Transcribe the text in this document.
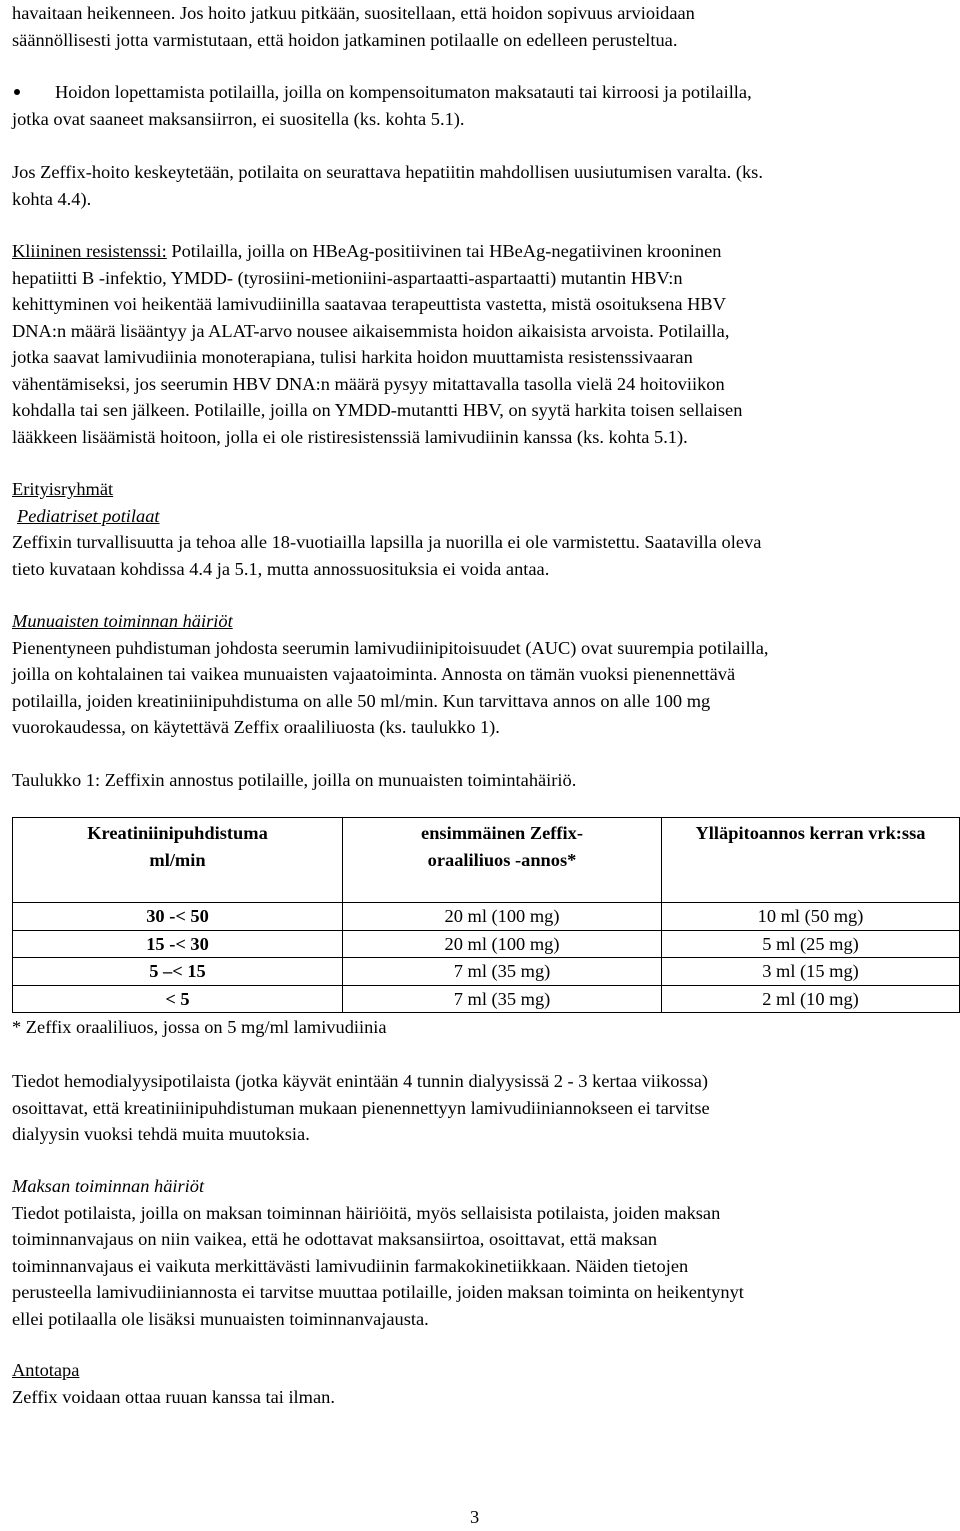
havaitaan heikenneen. Jos hoito jatkuu pitkään, suositellaan, että hoidon sopivuus arvioidaan

säännöllisesti jotta varmistutaan, että hoidon jatkaminen potilaalle on edelleen perusteltua.

Hoidon lopettamista potilailla, joilla on kompensoitumaton maksatauti tai kirroosi ja potilailla,

jotka ovat saaneet maksansiirron, ei suositella (ks. kohta 5.1).

Jos Zeffix-hoito keskeytetään, potilaita on seurattava hepatiitin mahdollisen uusiutumisen varalta. (ks.

kohta 4.4).

Kliininen resistenssi: Potilailla, joilla on HBeAg-positiivinen tai HBeAg-negatiivinen krooninen

hepatiitti B -infektio, YMDD- (tyrosiini-metioniini-aspartaatti-aspartaatti) mutantin HBV:n

kehittyminen voi heikentää lamivudiinilla saatavaa terapeuttista vastetta, mistä osoituksena HBV

DNA:n määrä lisääntyy ja ALAT-arvo nousee aikaisemmista hoidon aikaisista arvoista. Potilailla,

jotka saavat lamivudiinia monoterapiana, tulisi harkita hoidon muuttamista resistenssivaaran

vähentämiseksi, jos seerumin HBV DNA:n määrä pysyy mitattavalla tasolla vielä 24 hoitoviikon

kohdalla tai sen jälkeen. Potilaille, joilla on YMDD-mutantti HBV, on syytä harkita toisen sellaisen

lääkkeen lisäämistä hoitoon, jolla ei ole ristiresistenssiä lamivudiinin kanssa (ks. kohta 5.1).

Erityisryhmät

Pediatriset potilaat

Zeffixin turvallisuutta ja tehoa alle 18-vuotiailla lapsilla ja nuorilla ei ole varmistettu. Saatavilla oleva

tieto kuvataan kohdissa 4.4 ja 5.1, mutta annossuosituksia ei voida antaa.

Munuaisten toiminnan häiriöt

Pienentyneen puhdistuman johdosta seerumin lamivudiinipitoisuudet (AUC) ovat suurempia potilailla,

joilla on kohtalainen tai vaikea munuaisten vajaatoiminta. Annosta on tämän vuoksi pienennettävä

potilailla, joiden kreatiniinipuhdistuma on alle 50 ml/min. Kun tarvittava annos on alle 100 mg

vuorokaudessa, on käytettävä Zeffix oraaliliuosta (ks. taulukko 1).

Taulukko 1: Zeffixin annostus potilaille, joilla on munuaisten toimintahäiriö.

Kreatiniinipuhdistuma
ml/min	ensimmäinen Zeffix-
oraaliliuos -annos*	Ylläpitoannos kerran vrk:ssa
30 -< 50	20 ml (100 mg)	10 ml (50 mg)
15 -< 30	20 ml (100 mg)	5 ml (25 mg)
5 –< 15	7 ml (35 mg)	3 ml (15 mg)
< 5	7 ml (35 mg)	2 ml (10 mg)

* Zeffix oraaliliuos, jossa on 5 mg/ml lamivudiinia

Tiedot hemodialyysipotilaista (jotka käyvät enintään 4 tunnin dialyysissä 2 - 3 kertaa viikossa)

osoittavat, että kreatiniinipuhdistuman mukaan pienennettyyn lamivudiiniannokseen ei tarvitse

dialyysin vuoksi tehdä muita muutoksia.

Maksan toiminnan häiriöt

Tiedot potilaista, joilla on maksan toiminnan häiriöitä, myös sellaisista potilaista, joiden maksan

toiminnanvajaus on niin vaikea, että he odottavat maksansiirtoa, osoittavat, että maksan

toiminnanvajaus ei vaikuta merkittävästi lamivudiinin farmakokinetiikkaan. Näiden tietojen

perusteella lamivudiiniannosta ei tarvitse muuttaa potilaille, joiden maksan toiminta on heikentynyt

ellei potilaalla ole lisäksi munuaisten toiminnanvajausta.

Antotapa

Zeffix voidaan ottaa ruuan kanssa tai ilman.

3
